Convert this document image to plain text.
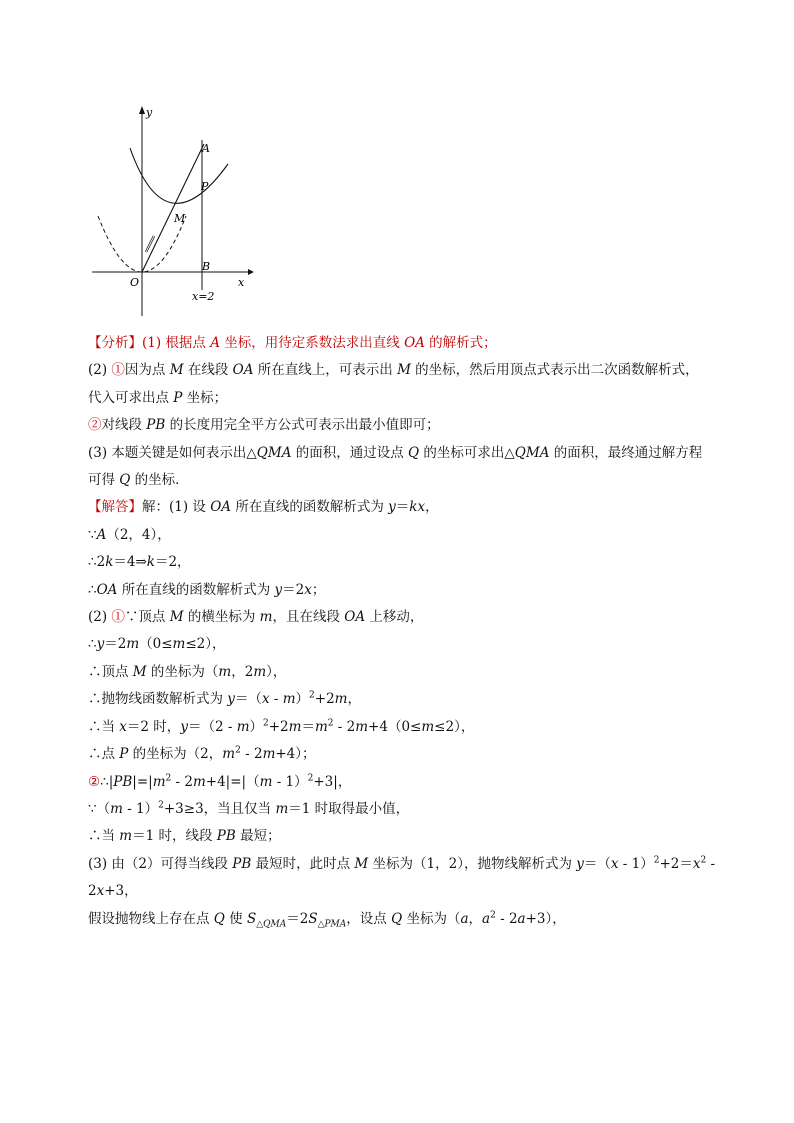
y
x
O
A
P
M
B
x=2
【分析】(1) 根据点 A 坐标，用待定系数法求出直线 OA 的解析式；
(2) ①因为点 M 在线段 OA 所在直线上，可表示出 M 的坐标，然后用顶点式表示出二次函数解析式，
代入可求出点 P 坐标；
②对线段 PB 的长度用完全平方公式可表示出最小值即可；
(3) 本题关键是如何表示出△QMA 的面积，通过设点 Q 的坐标可求出△QMA 的面积，最终通过解方程
可得 Q 的坐标．
【解答】解：(1) 设 OA 所在直线的函数解析式为 y＝kx，
∵A（2，4），
∴2k＝4⇒k＝2，
∴OA 所在直线的函数解析式为 y＝2x；
(2) ①∵顶点 M 的横坐标为 m，且在线段 OA 上移动，
∴y＝2m（0≤m≤2），
∴顶点 M 的坐标为（m，2m），
∴抛物线函数解析式为 y＝（x - m）$^2$+2m，
∴当 x＝2 时，$y=(2 - m)^2+2m=m^2 - 2m+4(0\le m\le 2)$，
∴点 P 的坐标为（2，$m^2 - 2m+4$）；
$②\therefore|PB|=|m^2 - 2m+4|=|(m - 1)^2+3|$，
∵（m - 1）$^2$+3≥3，当且仅当 m＝1 时取得最小值，
∴当 m＝1 时，线段 PB 最短；
(3) 由（2）可得当线段 PB 最短时，此时点 M 坐标为（1，2），抛物线解析式为 $y=(x - 1)^2+2=x^2$ -
2x+3，
假设抛物线上存在点 Q 使 $S_{\triangle QMA}=2S_{\triangle PMA}$，设点 Q 坐标为（a，$a^2 - 2a+3$），
